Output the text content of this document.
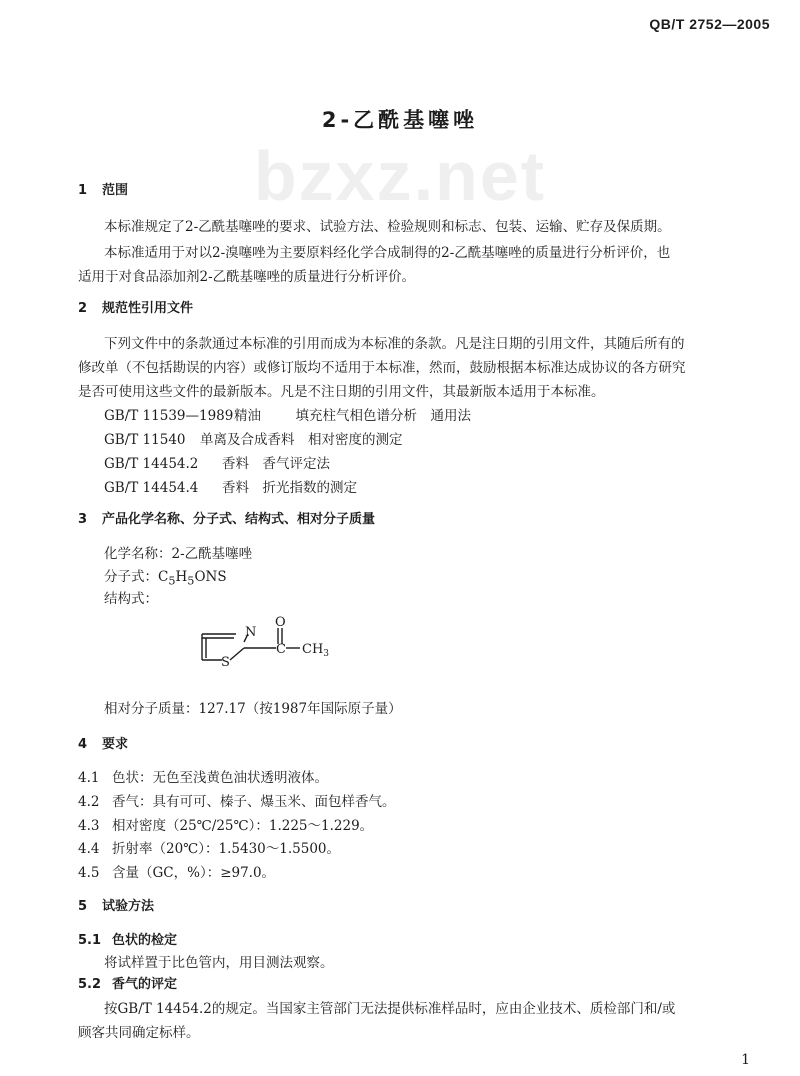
QB/T 2752—2005
bzxz.net
2-乙酰基噻唑
1 范围
本标准规定了2-乙酰基噻唑的要求、试验方法、检验规则和标志、包装、运输、贮存及保质期。
本标准适用于对以2-溴噻唑为主要原料经化学合成制得的2-乙酰基噻唑的质量进行分析评价，也
适用于对食品添加剂2-乙酰基噻唑的质量进行分析评价。
2 规范性引用文件
下列文件中的条款通过本标准的引用而成为本标准的条款。凡是注日期的引用文件，其随后所有的
修改单（不包括勘误的内容）或修订版均不适用于本标准，然而，鼓励根据本标准达成协议的各方研究
是否可使用这些文件的最新版本。凡是不注日期的引用文件，其最新版本适用于本标准。
GB/T 11539—1989精油　	填充柱气相色谱分析　通用法
GB/T 11540 单离及合成香料　 相对密度的测定
GB/T 14454.2 香料　 香气评定法
GB/T 14454.4 香料　 折光指数的测定
3 产品化学名称、分子式、结构式、相对分子质量
化学名称：2-乙酰基噻唑
分子式：$C_5H_5ONS$
结构式：
N
S
O
C $CH_3$
相对分子质量：127.17（按1987年国际原子量）
4 要求
4.1 色状：无色至浅黄色油状透明液体。
4.2 香气：具有可可、榛子、爆玉米、面包样香气。
4.3 相对密度（25℃/25℃）：1.225～1.229。
4.4 折射率（20℃）：1.5430～1.5500。
4.5 含量（GC，%）：≥97.0。
5 试验方法
5.1 色状的检定
将试样置于比色管内，用目测法观察。
5.2 香气的评定
按GB/T 14454.2的规定。当国家主管部门无法提供标准样品时，应由企业技术、质检部门和/或
顾客共同确定标样。
1
